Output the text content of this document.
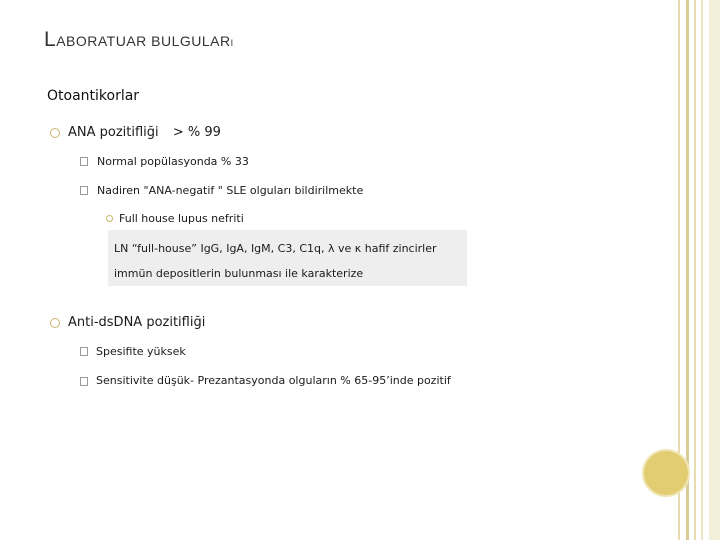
LABORATUAR BULGULARI
Otoantikorlar
ANA pozitifliği > % 99
Normal popülasyonda % 33
Nadiren "ANA-negatif " SLE olguları bildirilmekte
Full house lupus nefriti
LN “full-house” IgG, IgA, IgM, C3, C1q, λ ve κ hafif zincirler
immün depositlerin bulunması ile karakterize
Anti-dsDNA pozitifliği
Spesifite yüksek
Sensitivite düşük- Prezantasyonda olguların % 65-95’inde pozitif
